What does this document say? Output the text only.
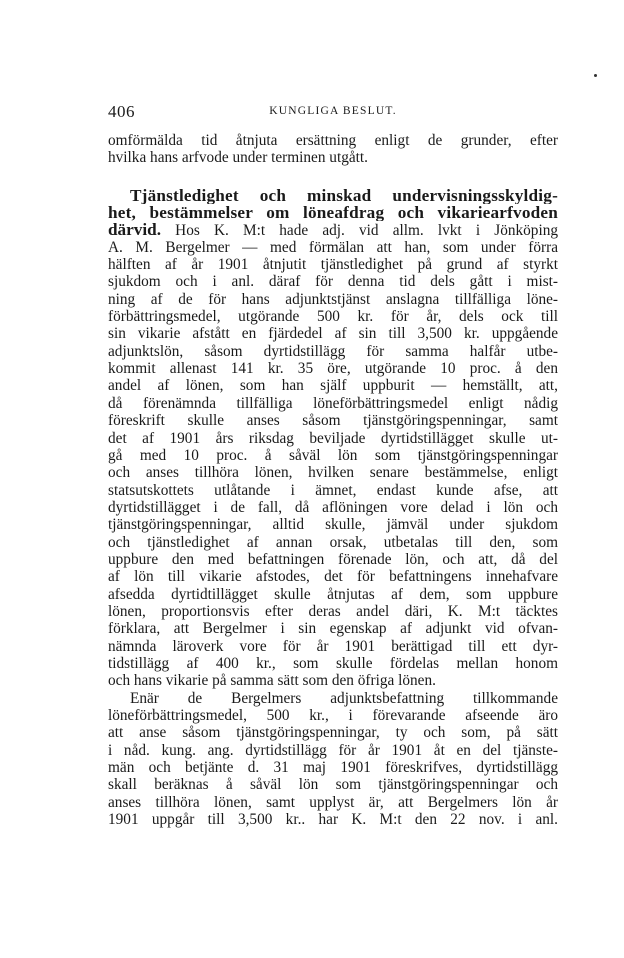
406	KUNGLIGA BESLUT.
omförmälda tid åtnjuta ersättning enligt de grunder, efter
hvilka hans arfvode under terminen utgått.
Tjänstledighet och minskad undervisningsskyldig-
het, bestämmelser om löneafdrag och vikariearfvoden
därvid. Hos K. M:t hade adj. vid allm. lvkt i Jönköping
A. M. Bergelmer — med förmälan att han, som under förra
hälften af år 1901 åtnjutit tjänstledighet på grund af styrkt
sjukdom och i anl. däraf för denna tid dels gått i mist-
ning af de för hans adjunktstjänst anslagna tillfälliga löne-
förbättringsmedel, utgörande 500 kr. för år, dels ock till
sin vikarie afstått en fjärdedel af sin till 3,500 kr. uppgående
adjunktslön, såsom dyrtidstillägg för samma halfår utbe-
kommit allenast 141 kr. 35 öre, utgörande 10 proc. å den
andel af lönen, som han själf uppburit — hemställt, att,
då förenämnda tillfälliga löneförbättringsmedel enligt nådig
föreskrift skulle anses såsom tjänstgöringspenningar, samt
det af 1901 års riksdag beviljade dyrtidstillägget skulle ut-
gå med 10 proc. å såväl lön som tjänstgöringspenningar
och anses tillhöra lönen, hvilken senare bestämmelse, enligt
statsutskottets utlåtande i ämnet, endast kunde afse, att
dyrtidstillägget i de fall, då aflöningen vore delad i lön och
tjänstgöringspenningar, alltid skulle, jämväl under sjukdom
och tjänstledighet af annan orsak, utbetalas till den, som
uppbure den med befattningen förenade lön, och att, då del
af lön till vikarie afstodes, det för befattningens innehafvare
afsedda dyrtidtillägget skulle åtnjutas af dem, som uppbure
lönen, proportionsvis efter deras andel däri, K. M:t täcktes
förklara, att Bergelmer i sin egenskap af adjunkt vid ofvan-
nämnda läroverk vore för år 1901 berättigad till ett dyr-
tidstillägg af 400 kr., som skulle fördelas mellan honom
och hans vikarie på samma sätt som den öfriga lönen.
Enär de Bergelmers adjunktsbefattning tillkommande
löneförbättringsmedel, 500 kr., i förevarande afseende äro
att anse såsom tjänstgöringspenningar, ty och som, på sätt
i nåd. kung. ang. dyrtidstillägg för år 1901 åt en del tjänste-
män och betjänte d. 31 maj 1901 föreskrifves, dyrtidstillägg
skall beräknas å såväl lön som tjänstgöringspenningar och
anses tillhöra lönen, samt upplyst är, att Bergelmers lön år
1901 uppgår till 3,500 kr.. har K. M:t den 22 nov. i anl.
